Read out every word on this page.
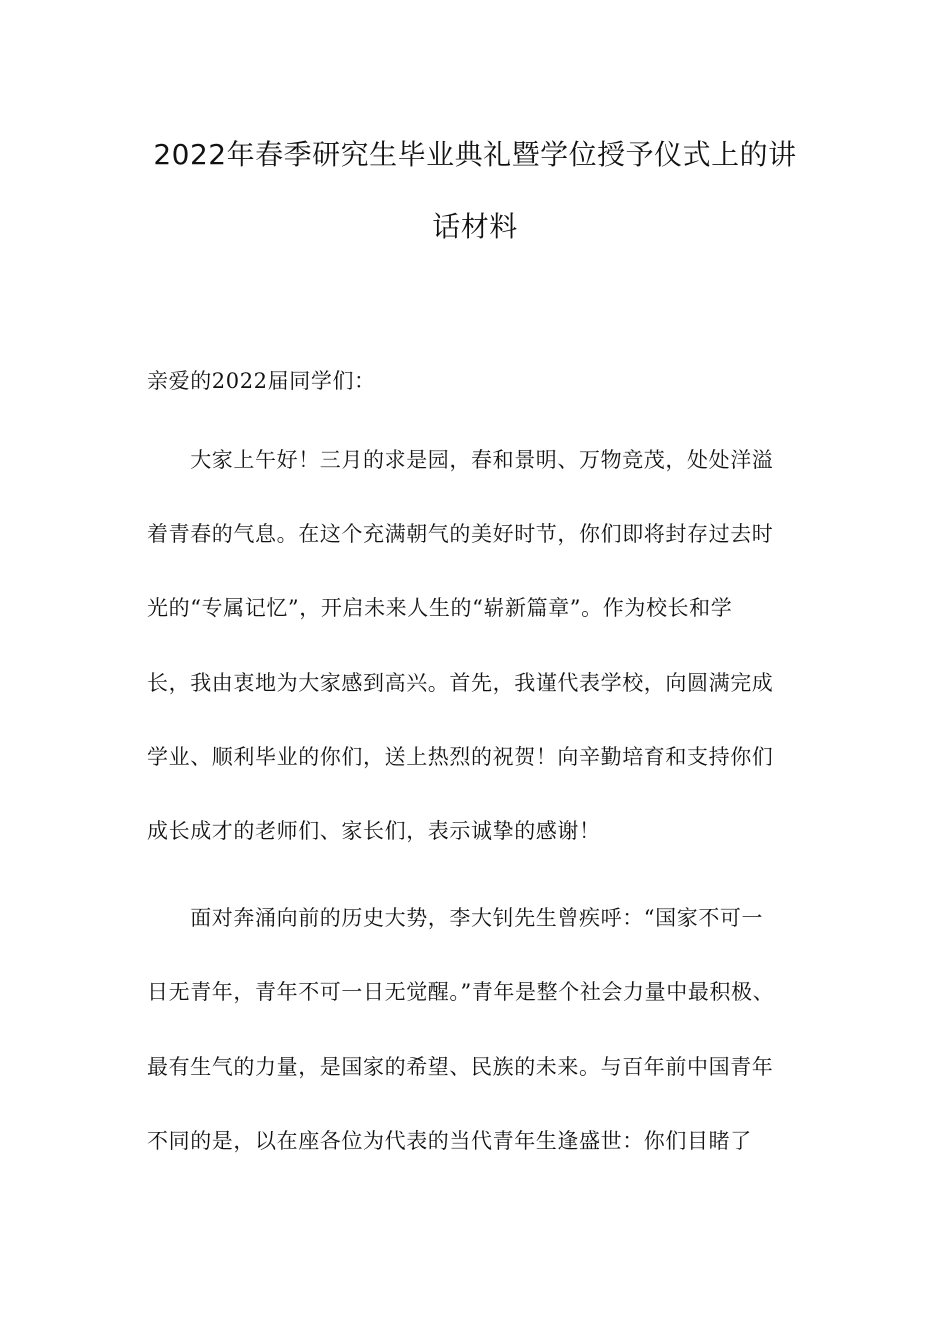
2022年春季研究生毕业典礼暨学位授予仪式上的讲
话材料
亲爱的2022届同学们：
　　大家上午好！三月的求是园，春和景明、万物竞茂，处处洋溢
着青春的气息。在这个充满朝气的美好时节，你们即将封存过去时
光的“专属记忆”，开启未来人生的“崭新篇章”。作为校长和学
长，我由衷地为大家感到高兴。首先，我谨代表学校，向圆满完成
学业、顺利毕业的你们，送上热烈的祝贺！向辛勤培育和支持你们
成长成才的老师们、家长们，表示诚挚的感谢！
　　面对奔涌向前的历史大势，李大钊先生曾疾呼：“国家不可一
日无青年，青年不可一日无觉醒。”青年是整个社会力量中最积极、
最有生气的力量，是国家的希望、民族的未来。与百年前中国青年
不同的是，以在座各位为代表的当代青年生逢盛世：你们目睹了
